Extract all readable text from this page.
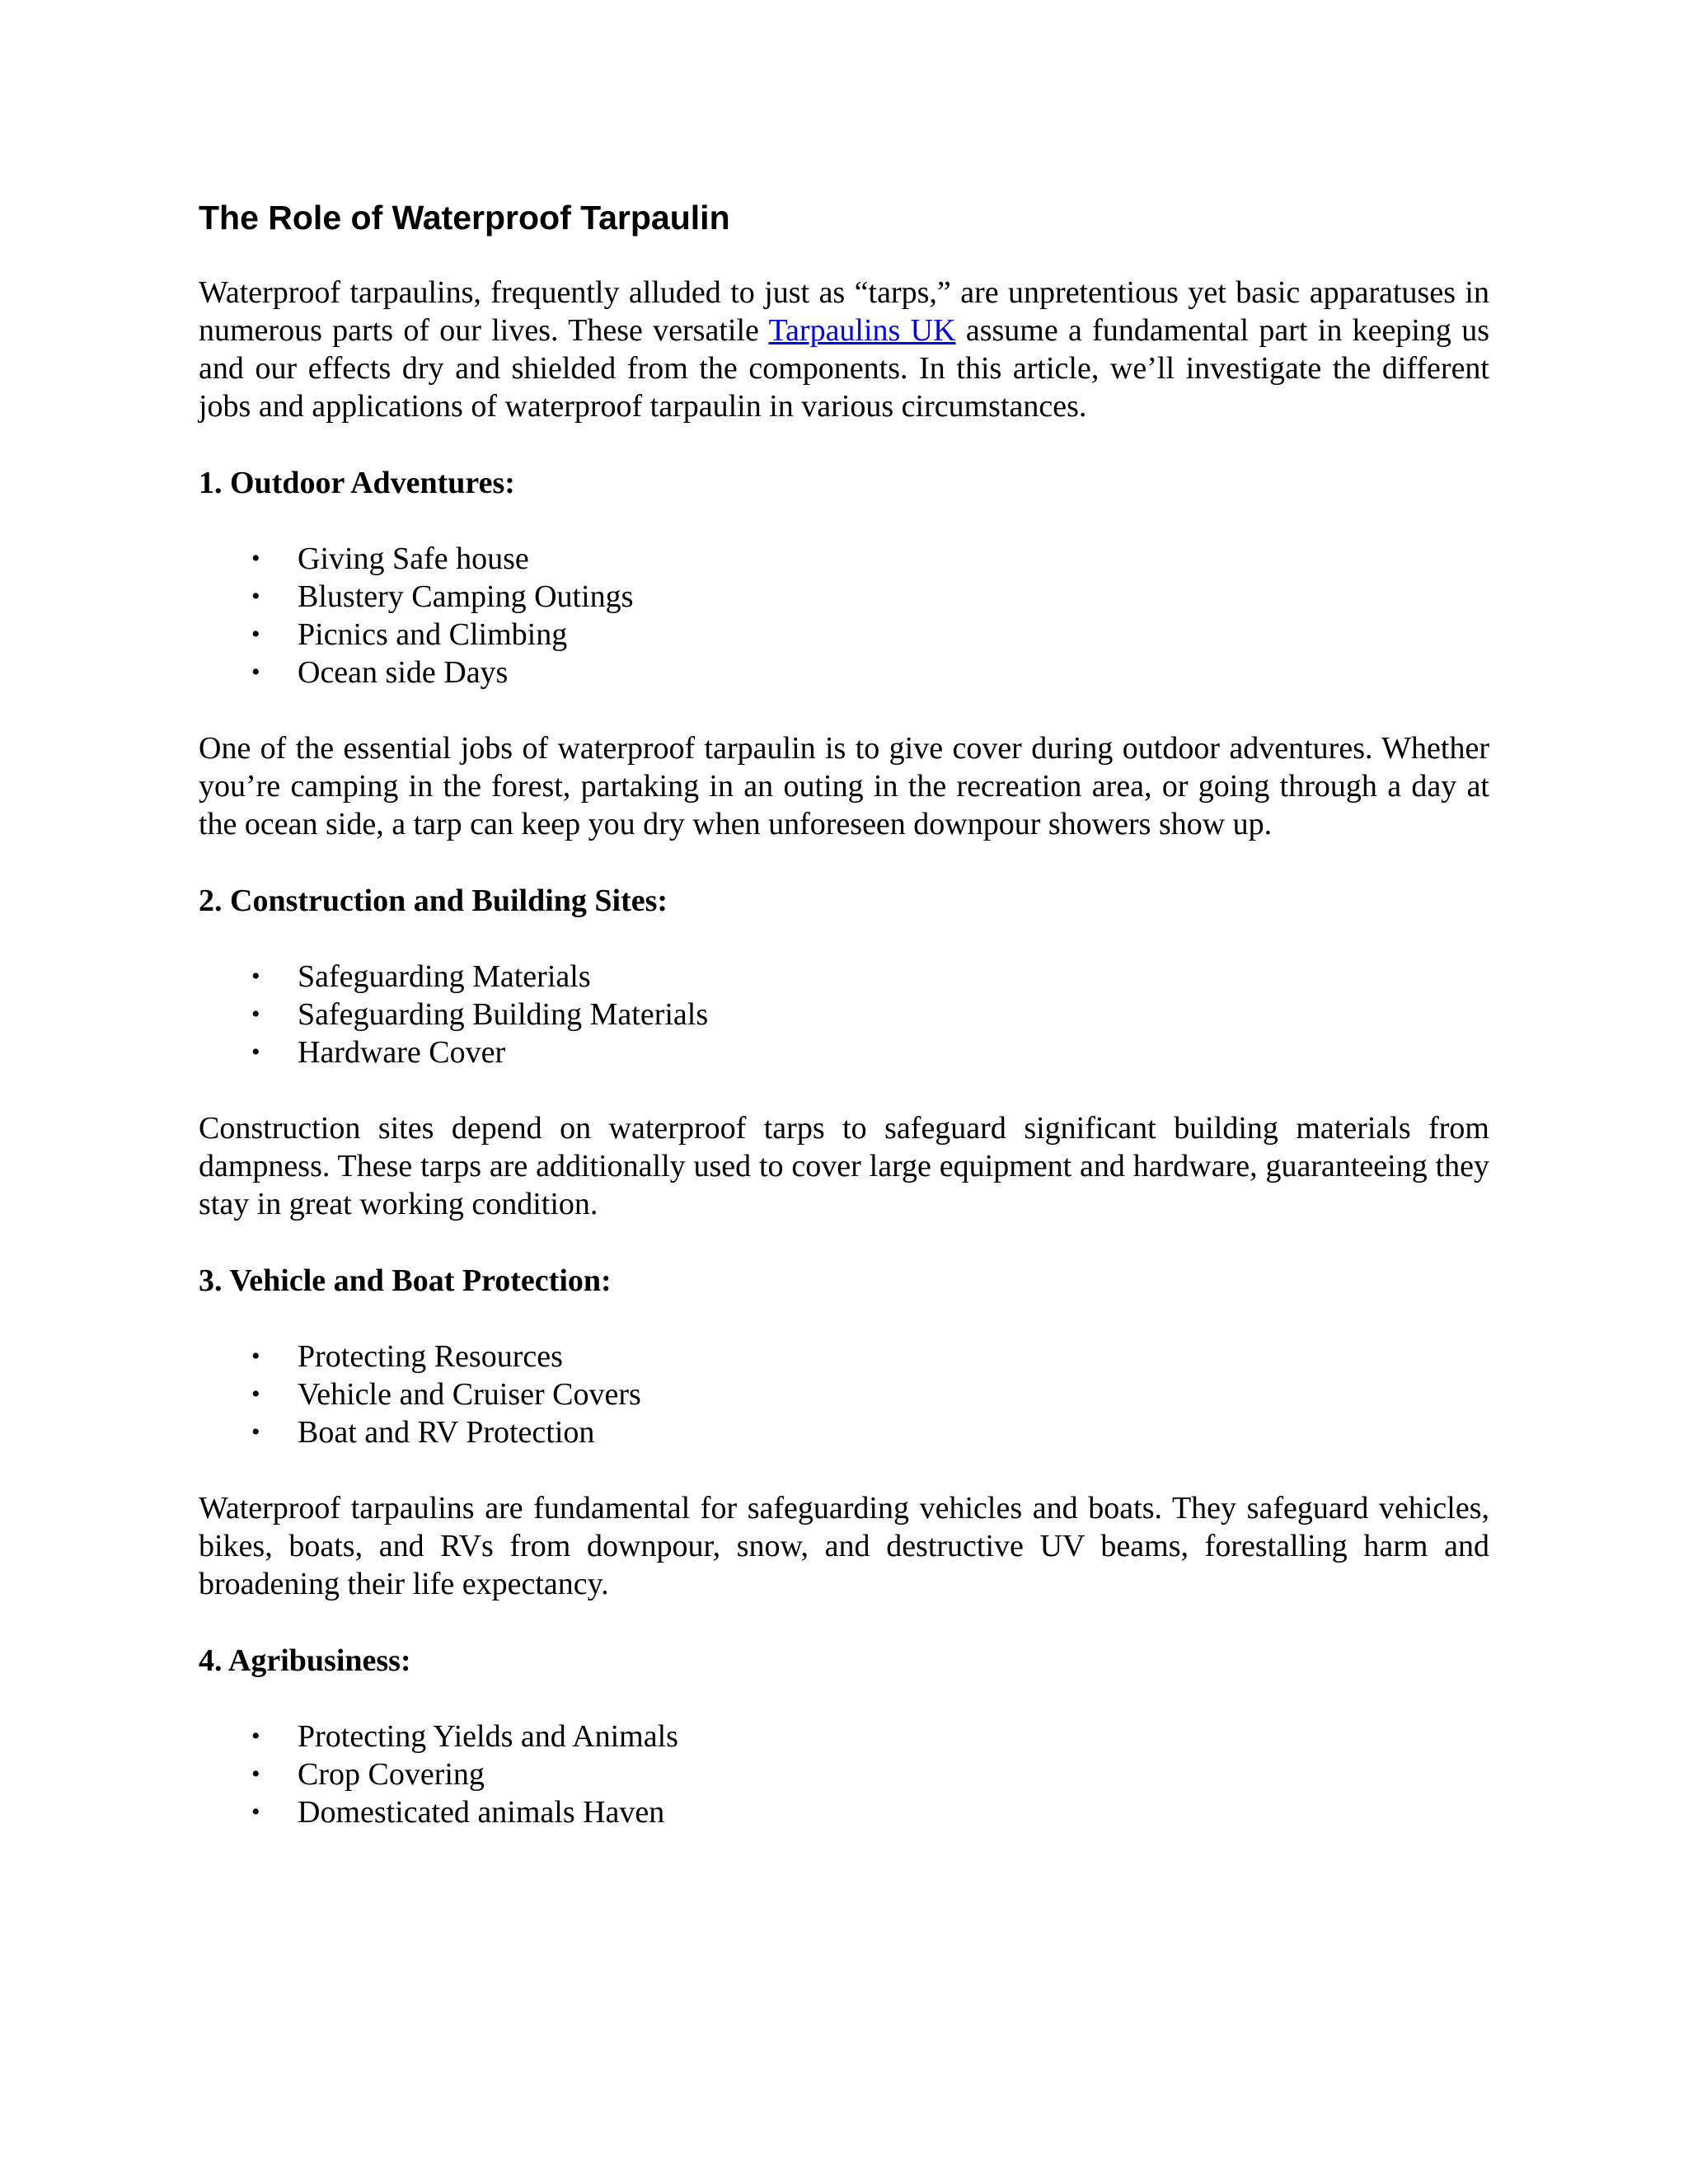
The Role of Waterproof Tarpaulin

Waterproof tarpaulins, frequently alluded to just as “tarps,” are unpretentious yet basic apparatuses in numerous parts of our lives. These versatile Tarpaulins UK assume a fundamental part in keeping us and our effects dry and shielded from the components. In this article, we’ll investigate the different jobs and applications of waterproof tarpaulin in various circumstances.

1. Outdoor Adventures:

• Giving Safe house
• Blustery Camping Outings
• Picnics and Climbing
• Ocean side Days

One of the essential jobs of waterproof tarpaulin is to give cover during outdoor adventures. Whether you’re camping in the forest, partaking in an outing in the recreation area, or going through a day at the ocean side, a tarp can keep you dry when unforeseen downpour showers show up.

2. Construction and Building Sites:

• Safeguarding Materials
• Safeguarding Building Materials
• Hardware Cover

Construction sites depend on waterproof tarps to safeguard significant building materials from dampness. These tarps are additionally used to cover large equipment and hardware, guaranteeing they stay in great working condition.

3. Vehicle and Boat Protection:

• Protecting Resources
• Vehicle and Cruiser Covers
• Boat and RV Protection

Waterproof tarpaulins are fundamental for safeguarding vehicles and boats. They safeguard vehicles, bikes, boats, and RVs from downpour, snow, and destructive UV beams, forestalling harm and broadening their life expectancy.

4. Agribusiness:

• Protecting Yields and Animals
• Crop Covering
• Domesticated animals Haven
